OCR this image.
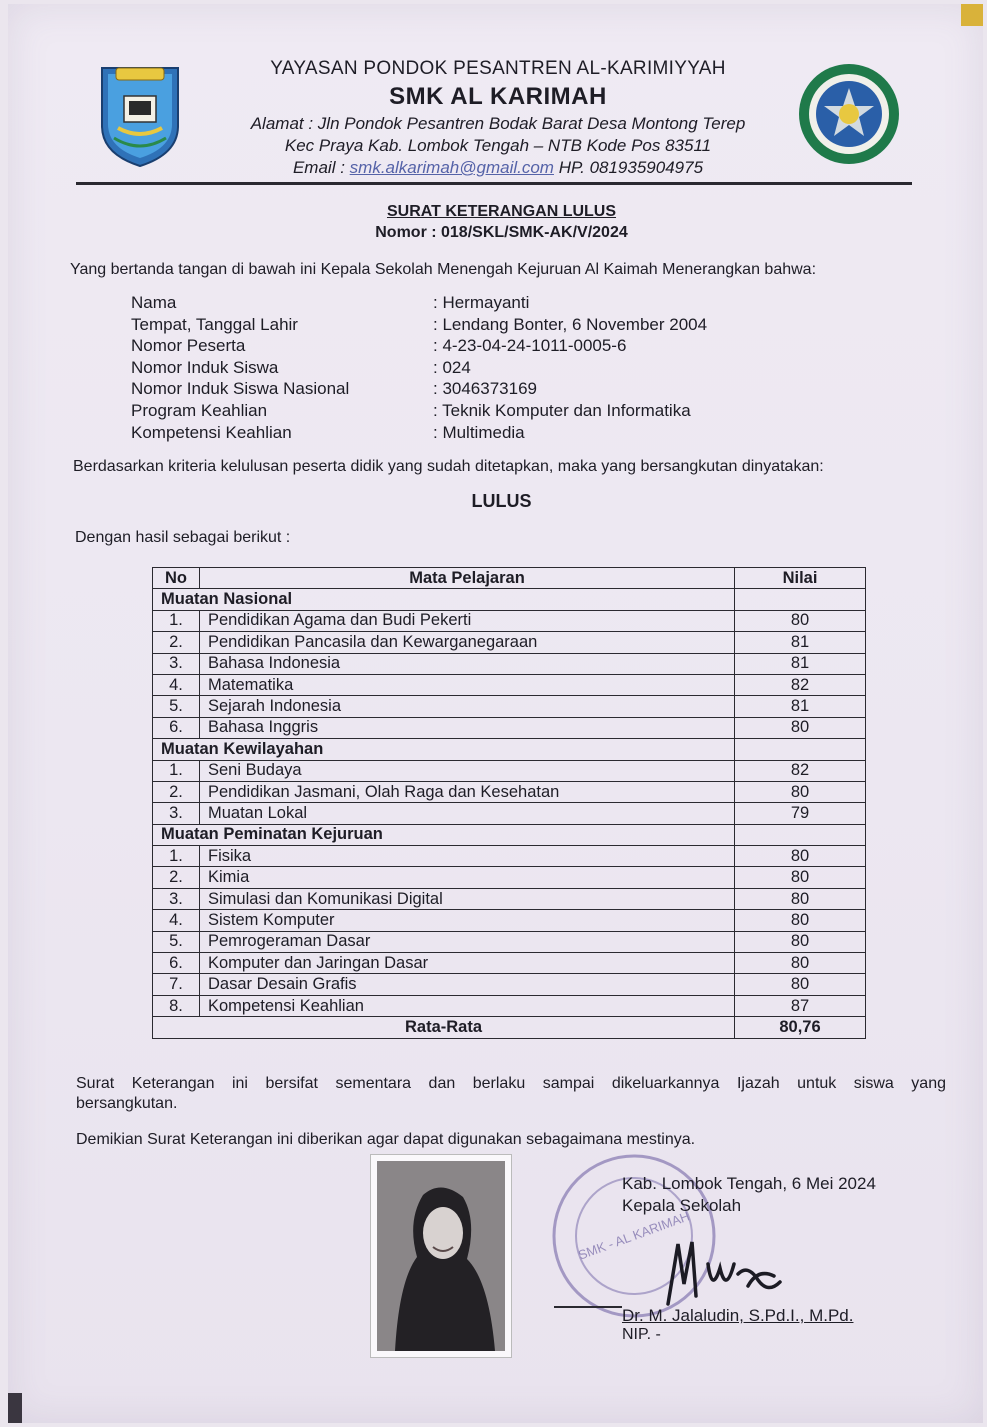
YAYASAN PONDOK PESANTREN AL-KARIMIYYAH
SMK AL KARIMAH
Alamat : Jln Pondok Pesantren Bodak Barat Desa Montong Terep
Kec Praya Kab. Lombok Tengah – NTB Kode Pos 83511
Email : smk.alkarimah@gmail.com HP. 081935904975
SURAT KETERANGAN LULUS
Nomor : 018/SKL/SMK-AK/V/2024
Yang bertanda tangan di bawah ini Kepala Sekolah Menengah Kejuruan Al Kaimah Menerangkan bahwa:
Nama	: Hermayanti
Tempat, Tanggal Lahir	: Lendang Bonter, 6 November 2004
Nomor Peserta	: 4-23-04-24-1011-0005-6
Nomor Induk Siswa	: 024
Nomor Induk Siswa Nasional	: 3046373169
Program Keahlian	: Teknik Komputer dan Informatika
Kompetensi Keahlian	: Multimedia
Berdasarkan kriteria kelulusan peserta didik yang sudah ditetapkan, maka yang bersangkutan dinyatakan:
LULUS
Dengan hasil sebagai berikut :
No	Mata Pelajaran	Nilai
Muatan Nasional		
1.	Pendidikan Agama dan Budi Pekerti	80
2.	Pendidikan Pancasila dan Kewarganegaraan	81
3.	Bahasa Indonesia	81
4.	Matematika	82
5.	Sejarah Indonesia	81
6.	Bahasa Inggris	80
Muatan Kewilayahan		
1.	Seni Budaya	82
2.	Pendidikan Jasmani, Olah Raga dan Kesehatan	80
3.	Muatan Lokal	79
Muatan Peminatan Kejuruan		
1.	Fisika	80
2.	Kimia	80
3.	Simulasi dan Komunikasi Digital	80
4.	Sistem Komputer	80
5.	Pemrogeraman Dasar	80
6.	Komputer dan Jaringan Dasar	80
7.	Dasar Desain Grafis	80
8.	Kompetensi Keahlian	87
Rata-Rata		80,76
Surat Keterangan ini bersifat sementara dan berlaku sampai dikeluarkannya Ijazah untuk siswa yang
bersangkutan.
Demikian Surat Keterangan ini diberikan agar dapat digunakan sebagaimana mestinya.
SMK - AL KARIMAH
Kab. Lombok Tengah, 6 Mei 2024
Kepala Sekolah
Dr. M. Jalaludin, S.Pd.I., M.Pd.
NIP. -
